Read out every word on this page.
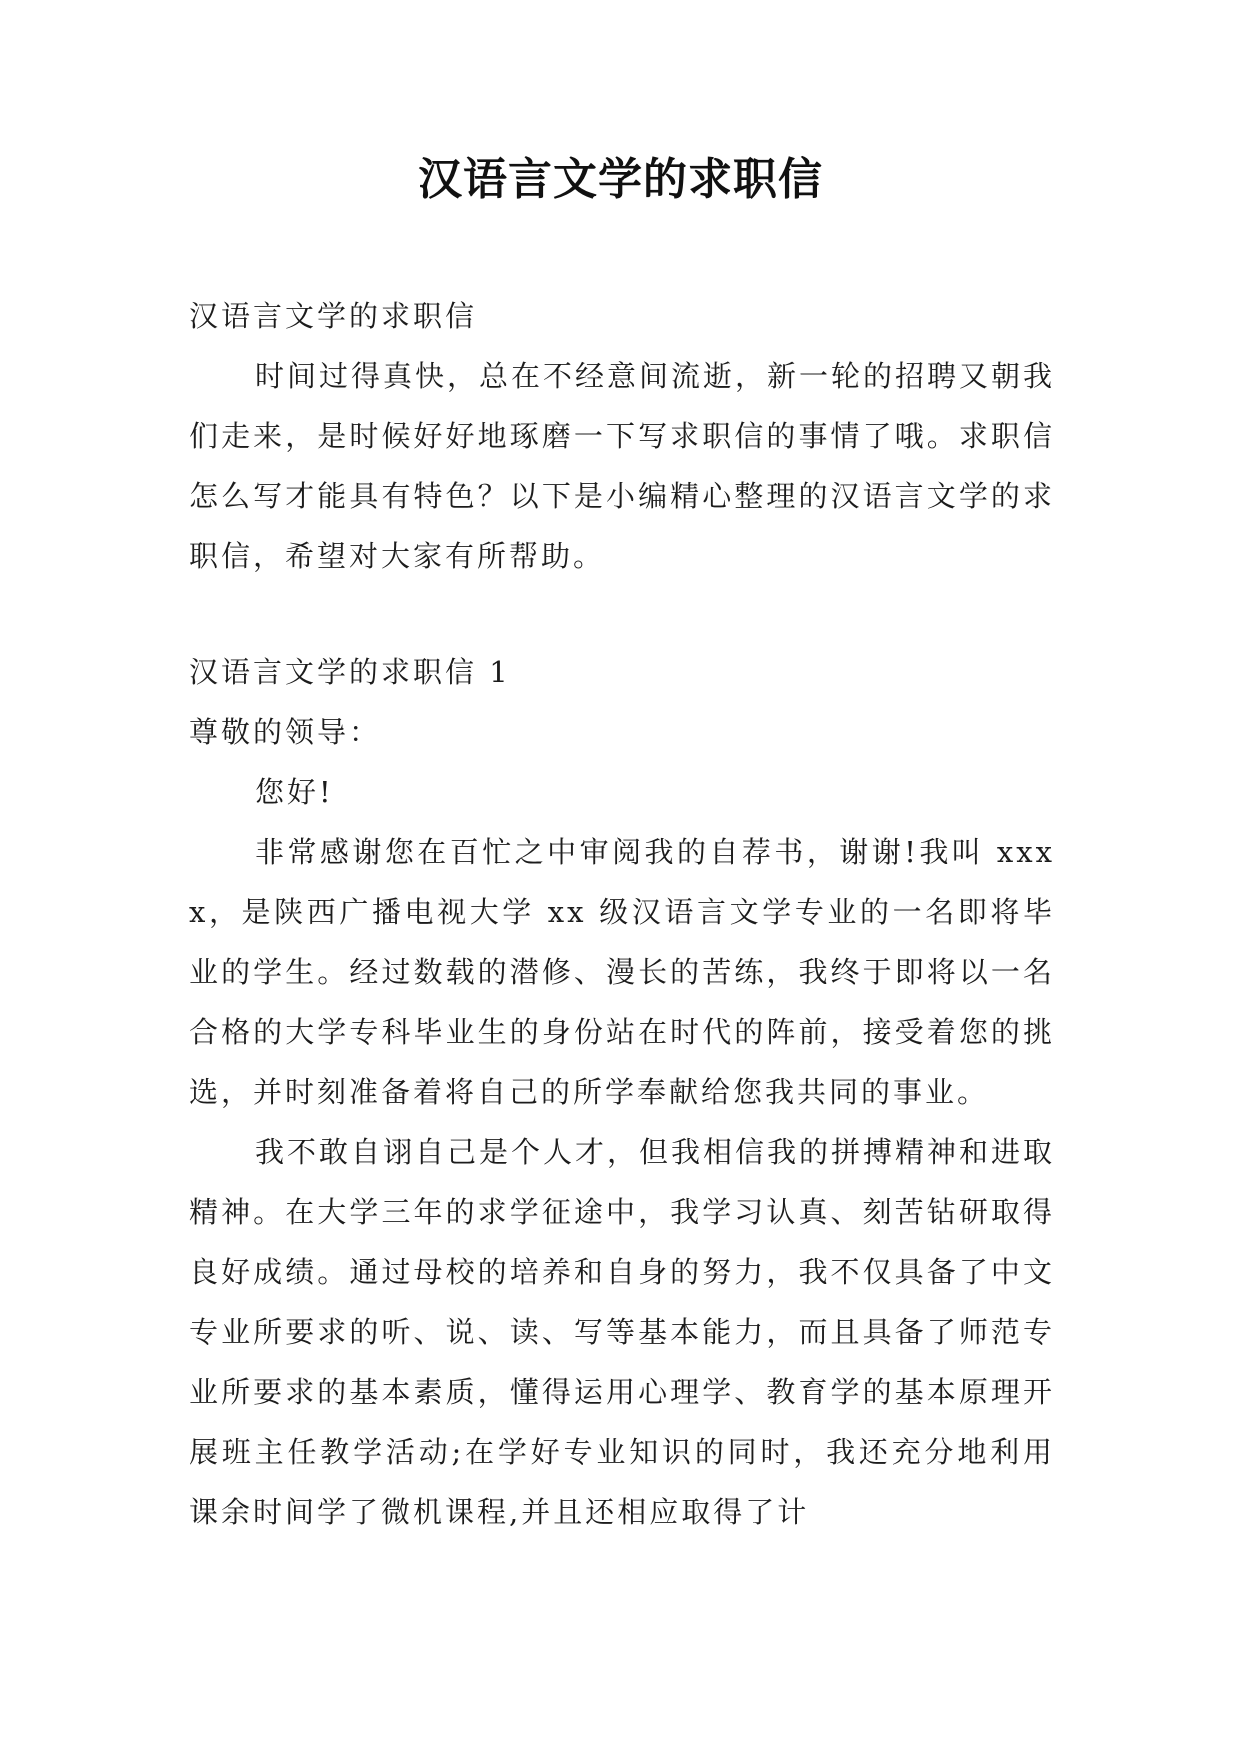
汉语言文学的求职信

汉语言文学的求职信

时间过得真快，总在不经意间流逝，新一轮的招聘又朝我们走来，是时候好好地琢磨一下写求职信的事情了哦。求职信怎么写才能具有特色？以下是小编精心整理的汉语言文学的求职信，希望对大家有所帮助。

汉语言文学的求职信 1

尊敬的领导：

您好!

非常感谢您在百忙之中审阅我的自荐书，谢谢!我叫 xxxx，是陕西广播电视大学 xx 级汉语言文学专业的一名即将毕业的学生。经过数载的潜修、漫长的苦练，我终于即将以一名合格的大学专科毕业生的身份站在时代的阵前，接受着您的挑选，并时刻准备着将自己的所学奉献给您我共同的事业。

我不敢自诩自己是个人才，但我相信我的拼搏精神和进取精神。在大学三年的求学征途中，我学习认真、刻苦钻研取得良好成绩。通过母校的培养和自身的努力，我不仅具备了中文专业所要求的听、说、读、写等基本能力，而且具备了师范专业所要求的基本素质，懂得运用心理学、教育学的基本原理开展班主任教学活动;在学好专业知识的同时，我还充分地利用课余时间学了微机课程,并且还相应取得了计
